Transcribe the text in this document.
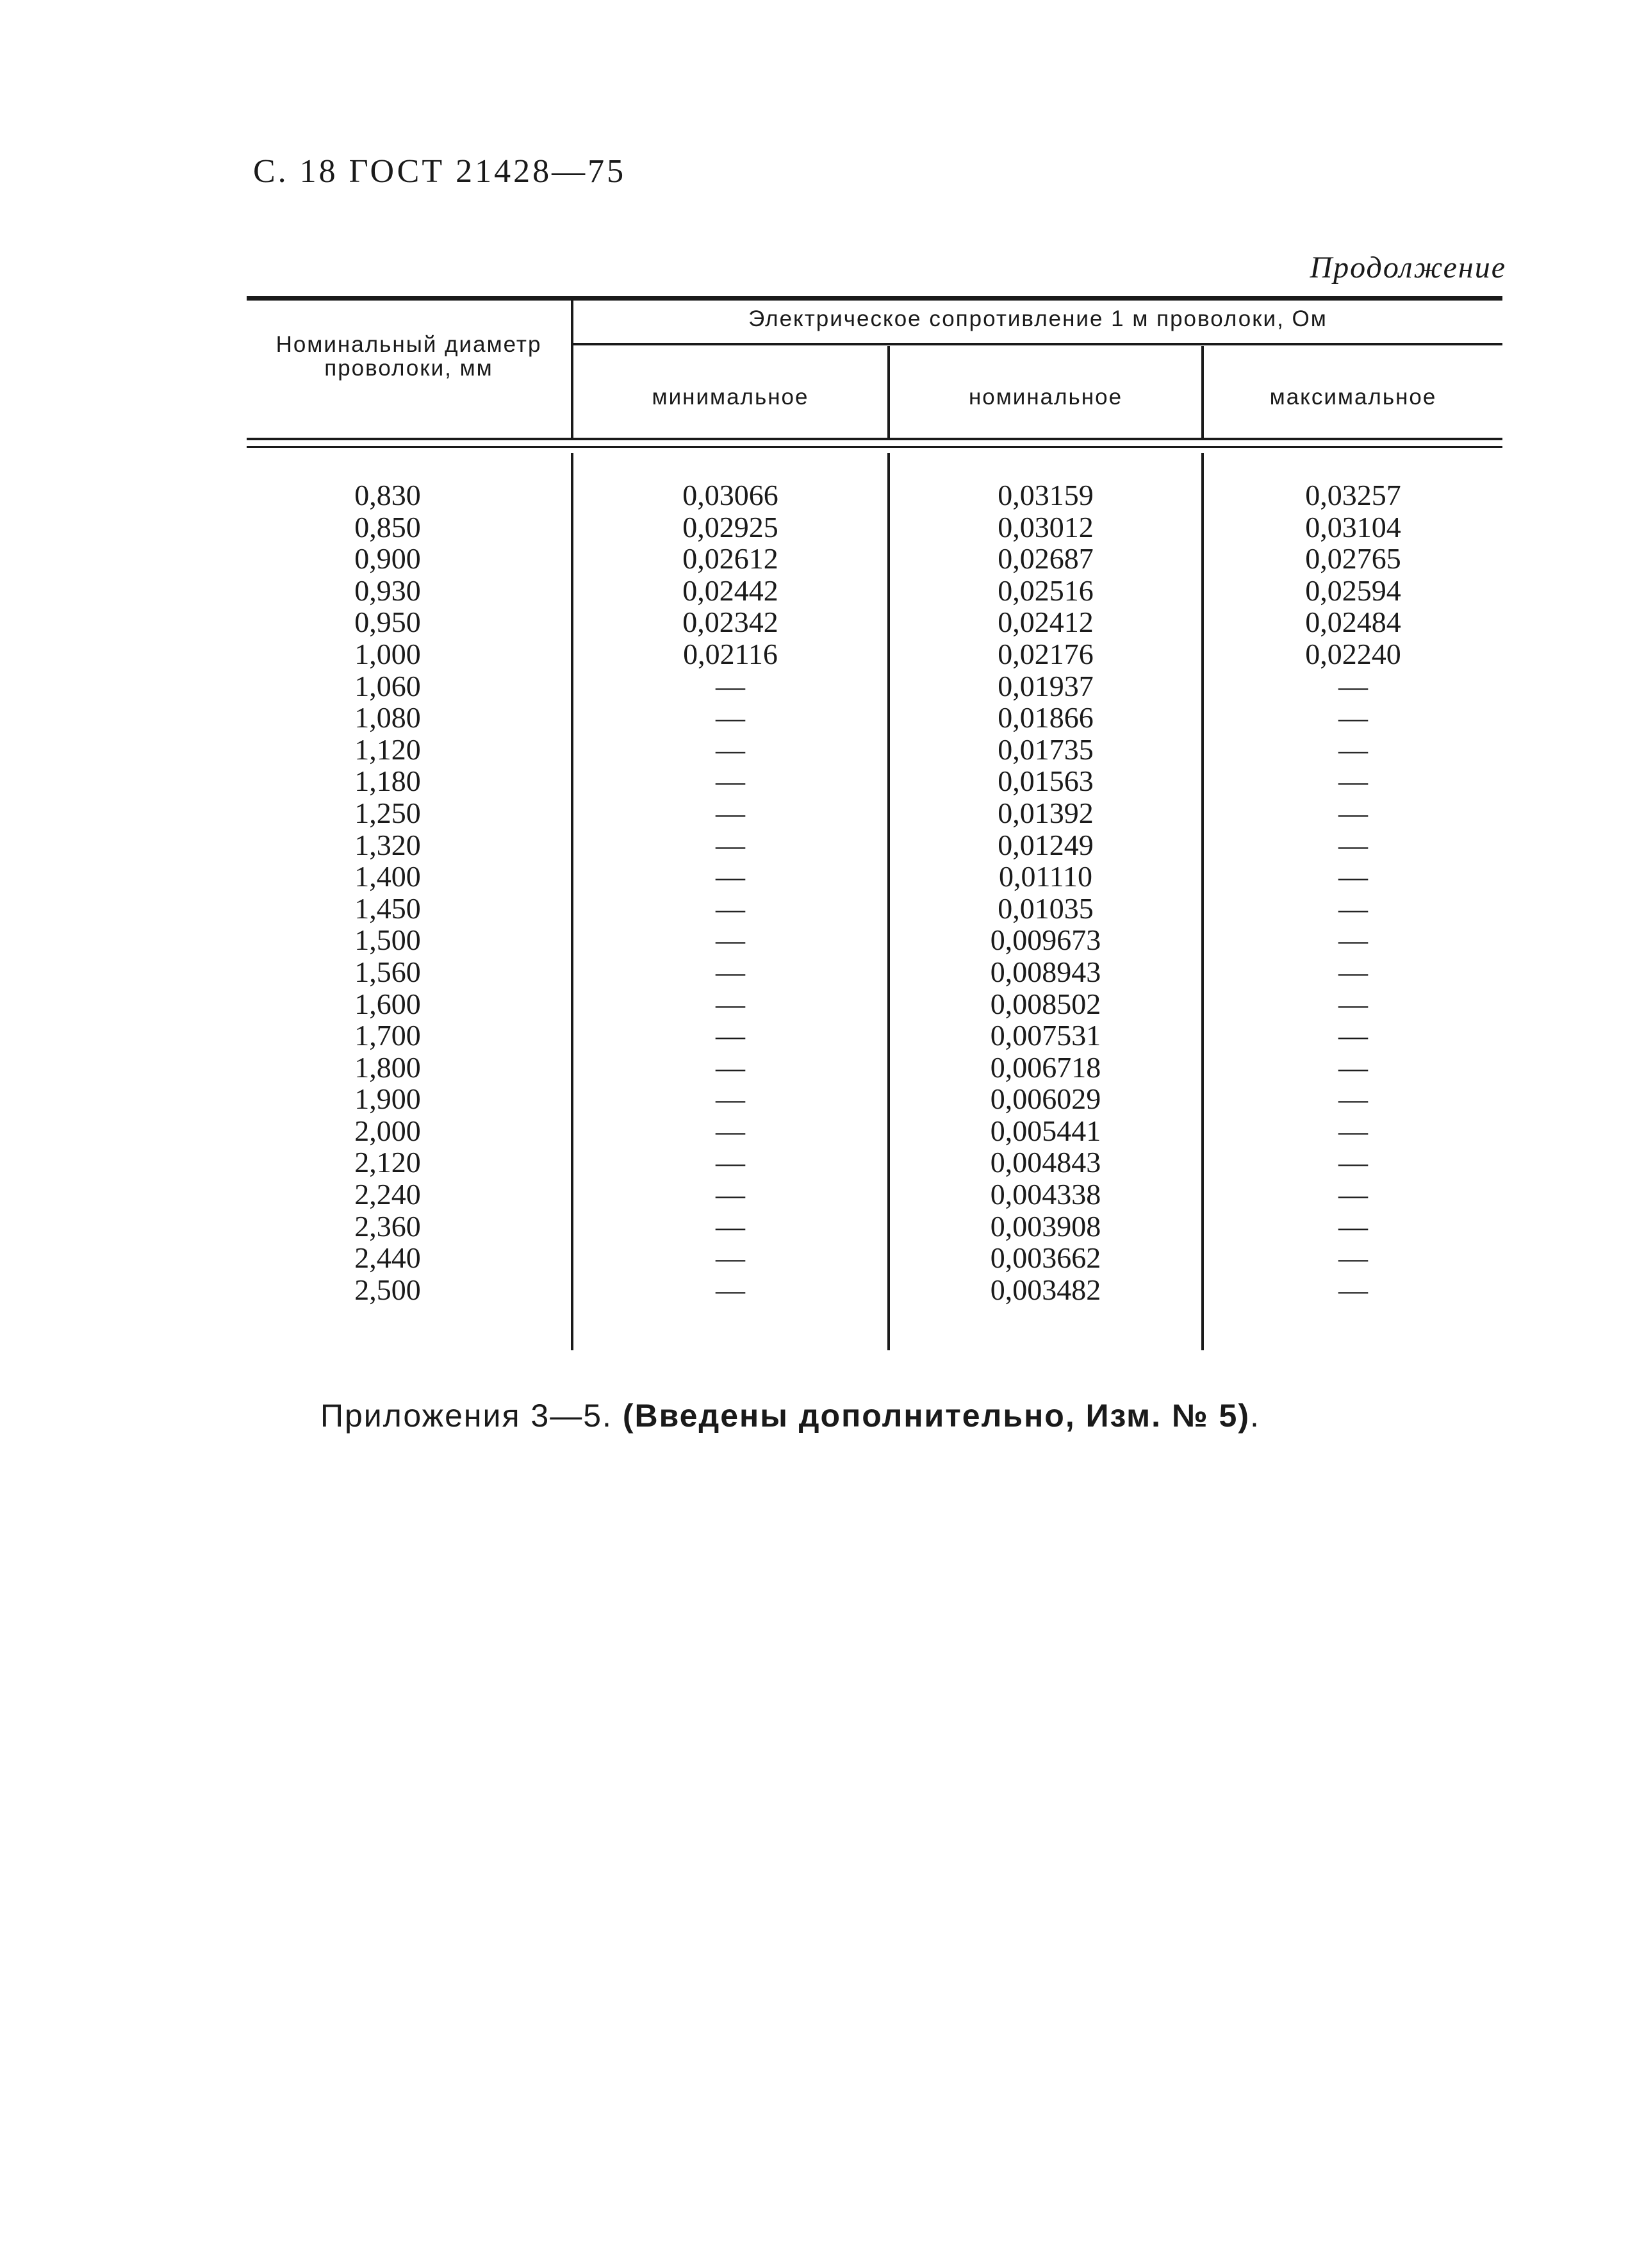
С. 18 ГОСТ 21428—75
Продолжение
Номинальный диаметр проволоки, мм
Электрическое сопротивление 1 м проволоки, Ом
минимальное	номинальное	максимальное
0,830	0,03066	0,03159	0,03257
0,850	0,02925	0,03012	0,03104
0,900	0,02612	0,02687	0,02765
0,930	0,02442	0,02516	0,02594
0,950	0,02342	0,02412	0,02484
1,000	0,02116	0,02176	0,02240
1,060	—	0,01937	—
1,080	—	0,01866	—
1,120	—	0,01735	—
1,180	—	0,01563	—
1,250	—	0,01392	—
1,320	—	0,01249	—
1,400	—	0,01110	—
1,450	—	0,01035	—
1,500	—	0,009673	—
1,560	—	0,008943	—
1,600	—	0,008502	—
1,700	—	0,007531	—
1,800	—	0,006718	—
1,900	—	0,006029	—
2,000	—	0,005441	—
2,120	—	0,004843	—
2,240	—	0,004338	—
2,360	—	0,003908	—
2,440	—	0,003662	—
2,500	—	0,003482	—
Приложения 3—5. (Введены дополнительно, Изм. № 5).
